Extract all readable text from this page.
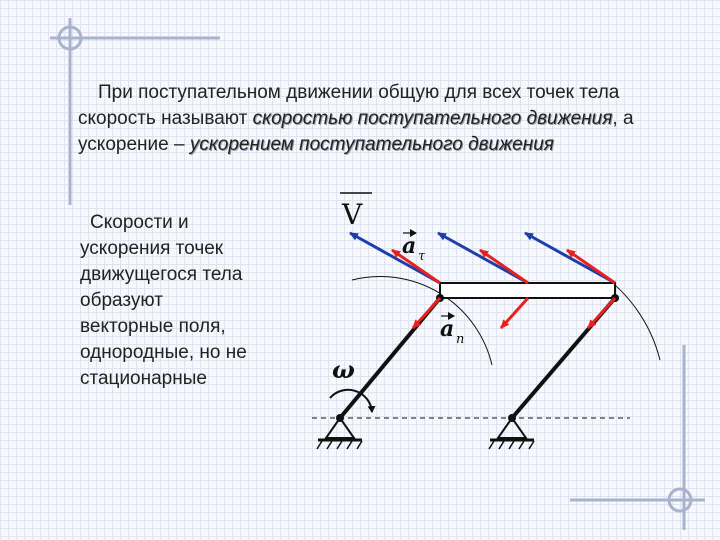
При поступательном движении общую для всех точек тела скорость называют скоростью поступательного движения, а ускорение – ускорением поступательного движения
Скорости и
ускорения точек
движущегося тела
образуют
векторные поля,
однородные, но не
стационарные
V
a τ
a n
ω
